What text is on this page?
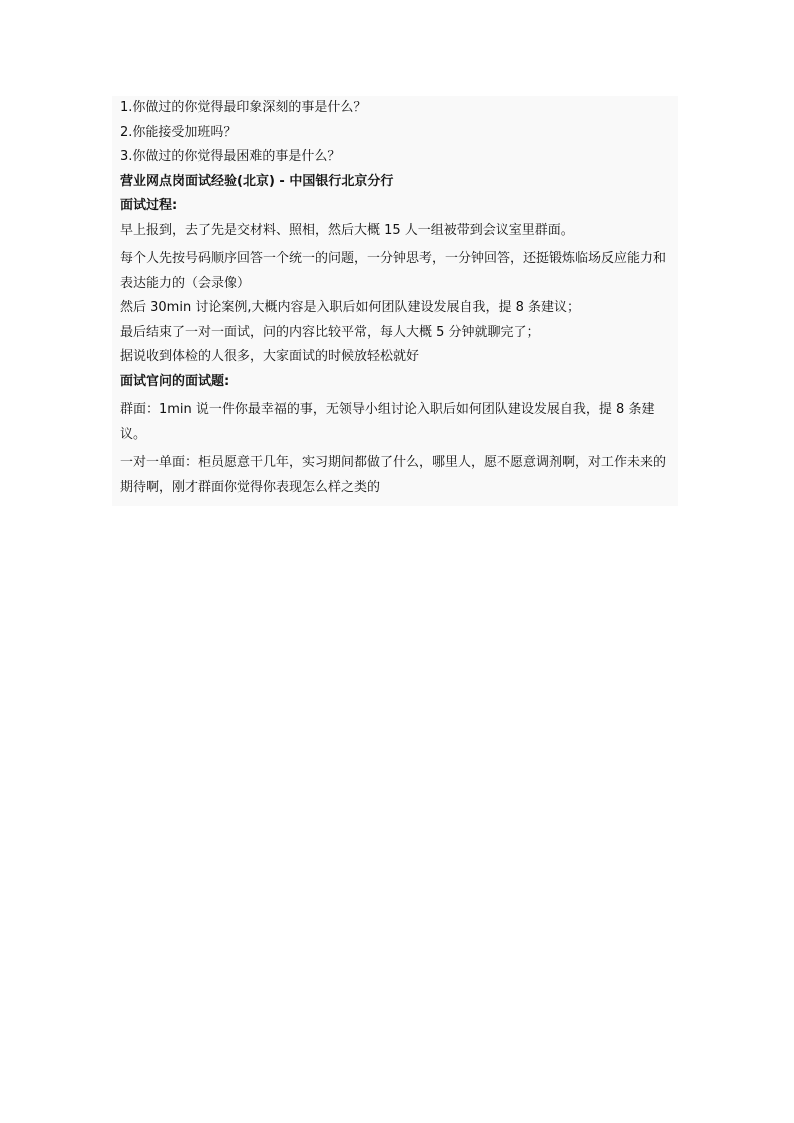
1.你做过的你觉得最印象深刻的事是什么？
2.你能接受加班吗？
3.你做过的你觉得最困难的事是什么？
营业网点岗面试经验(北京) - 中国银行北京分行
面试过程:
早上报到，去了先是交材料、照相，然后大概 15 人一组被带到会议室里群面。
每个人先按号码顺序回答一个统一的问题，一分钟思考，一分钟回答，还挺锻炼临场反应能力和表达能力的（会录像）
然后 30min 讨论案例,大概内容是入职后如何团队建设发展自我，提 8 条建议；
最后结束了一对一面试，问的内容比较平常，每人大概 5 分钟就聊完了；
据说收到体检的人很多，大家面试的时候放轻松就好
面试官问的面试题:
群面：1min 说一件你最幸福的事，无领导小组讨论入职后如何团队建设发展自我，提 8 条建议。
一对一单面：柜员愿意干几年，实习期间都做了什么，哪里人，愿不愿意调剂啊，对工作未来的期待啊，刚才群面你觉得你表现怎么样之类的
